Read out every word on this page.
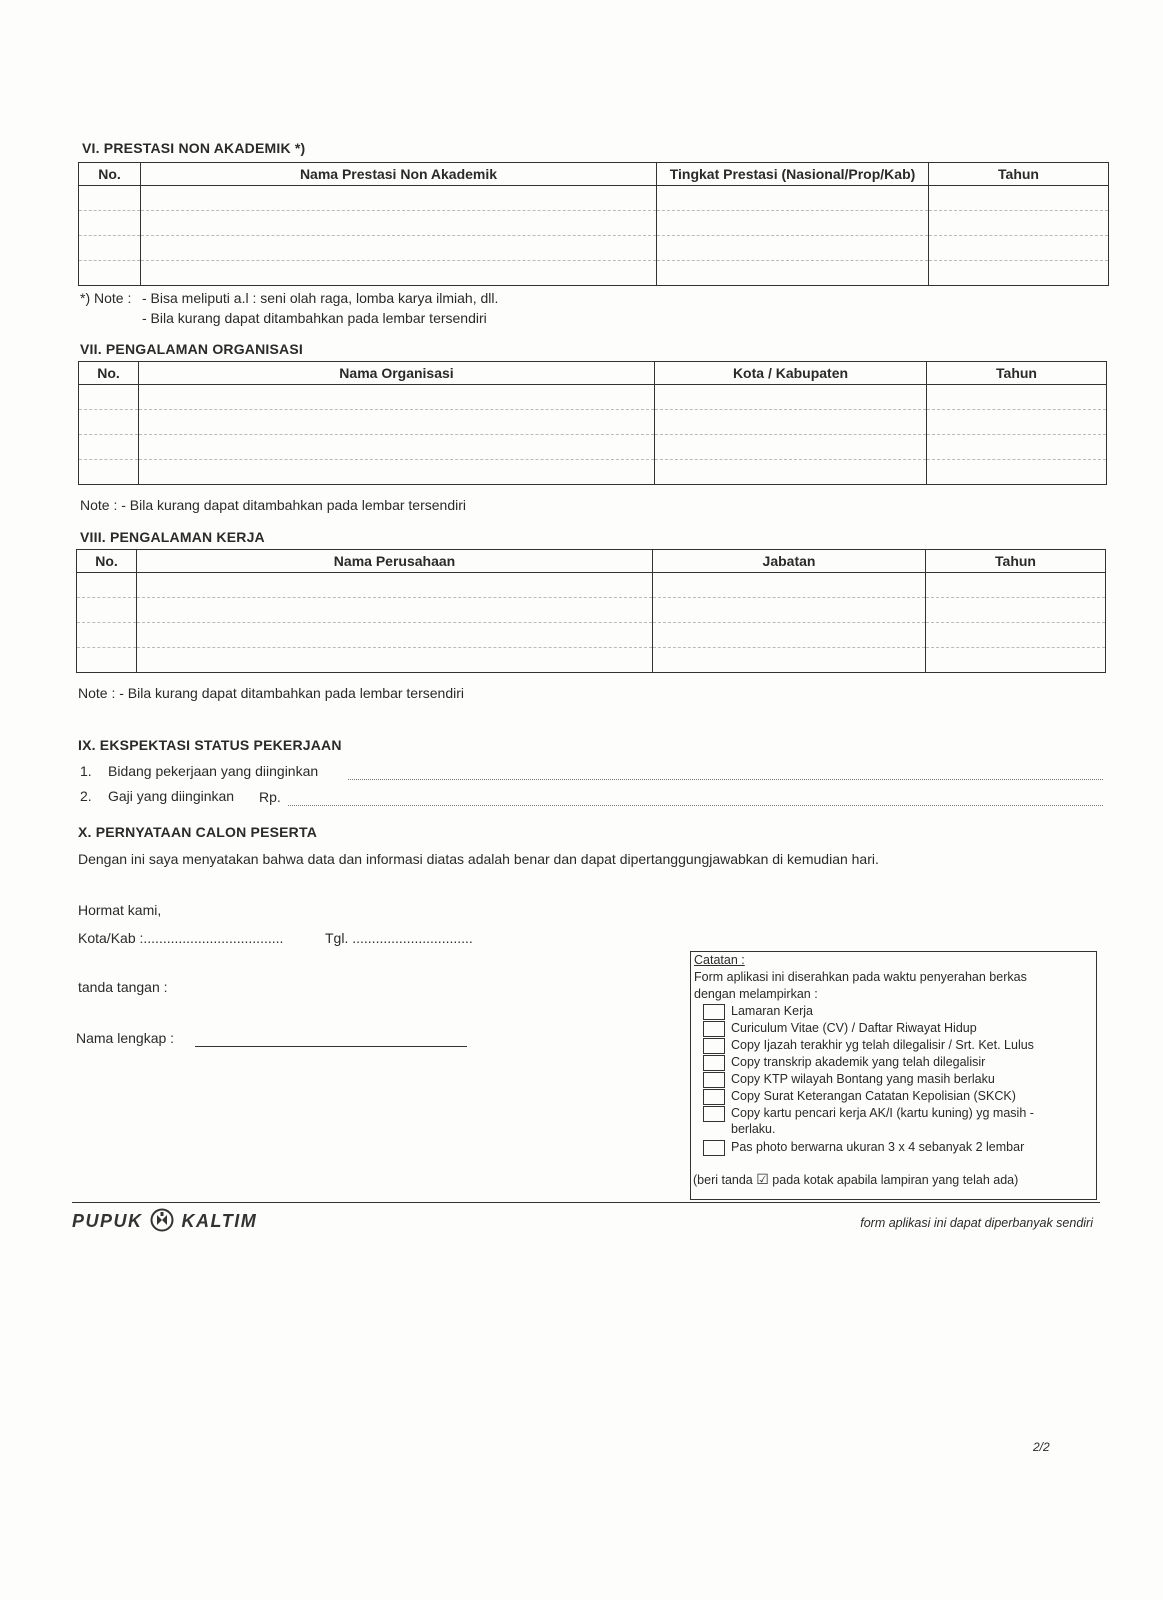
VI. PRESTASI NON AKADEMIK *)
No.	Nama Prestasi Non Akademik	Tingkat Prestasi (Nasional/Prop/Kab)	Tahun

*) Note : - Bisa meliputi a.l : seni olah raga, lomba karya ilmiah, dll.
- Bila kurang dapat ditambahkan pada lembar tersendiri
VII. PENGALAMAN ORGANISASI
No.	Nama Organisasi	Kota / Kabupaten	Tahun

Note : - Bila kurang dapat ditambahkan pada lembar tersendiri
VIII. PENGALAMAN KERJA
No.	Nama Perusahaan	Jabatan	Tahun

Note : - Bila kurang dapat ditambahkan pada lembar tersendiri
IX. EKSPEKTASI STATUS PEKERJAAN
1. Bidang pekerjaan yang diinginkan
2. Gaji yang diinginkan Rp.
X. PERNYATAAN CALON PESERTA
Dengan ini saya menyatakan bahwa data dan informasi diatas adalah benar dan dapat dipertanggungjawabkan di kemudian hari.
Hormat kami,
Kota/Kab :....................................	Tgl. ...............................
tanda tangan :
Nama lengkap :
Catatan :
Form aplikasi ini diserahkan pada waktu penyerahan berkas
dengan melampirkan :
Lamaran Kerja
Curiculum Vitae (CV) / Daftar Riwayat Hidup
Copy Ijazah terakhir yg telah dilegalisir / Srt. Ket. Lulus
Copy transkrip akademik yang telah dilegalisir
Copy KTP wilayah Bontang yang masih berlaku
Copy Surat Keterangan Catatan Kepolisian (SKCK)
Copy kartu pencari kerja AK/I (kartu kuning) yg masih -
berlaku.
Pas photo berwarna ukuran 3 x 4 sebanyak 2 lembar
(beri tanda ☑ pada kotak apabila lampiran yang telah ada)
PUPUK KALTIM	form aplikasi ini dapat diperbanyak sendiri
2/2
